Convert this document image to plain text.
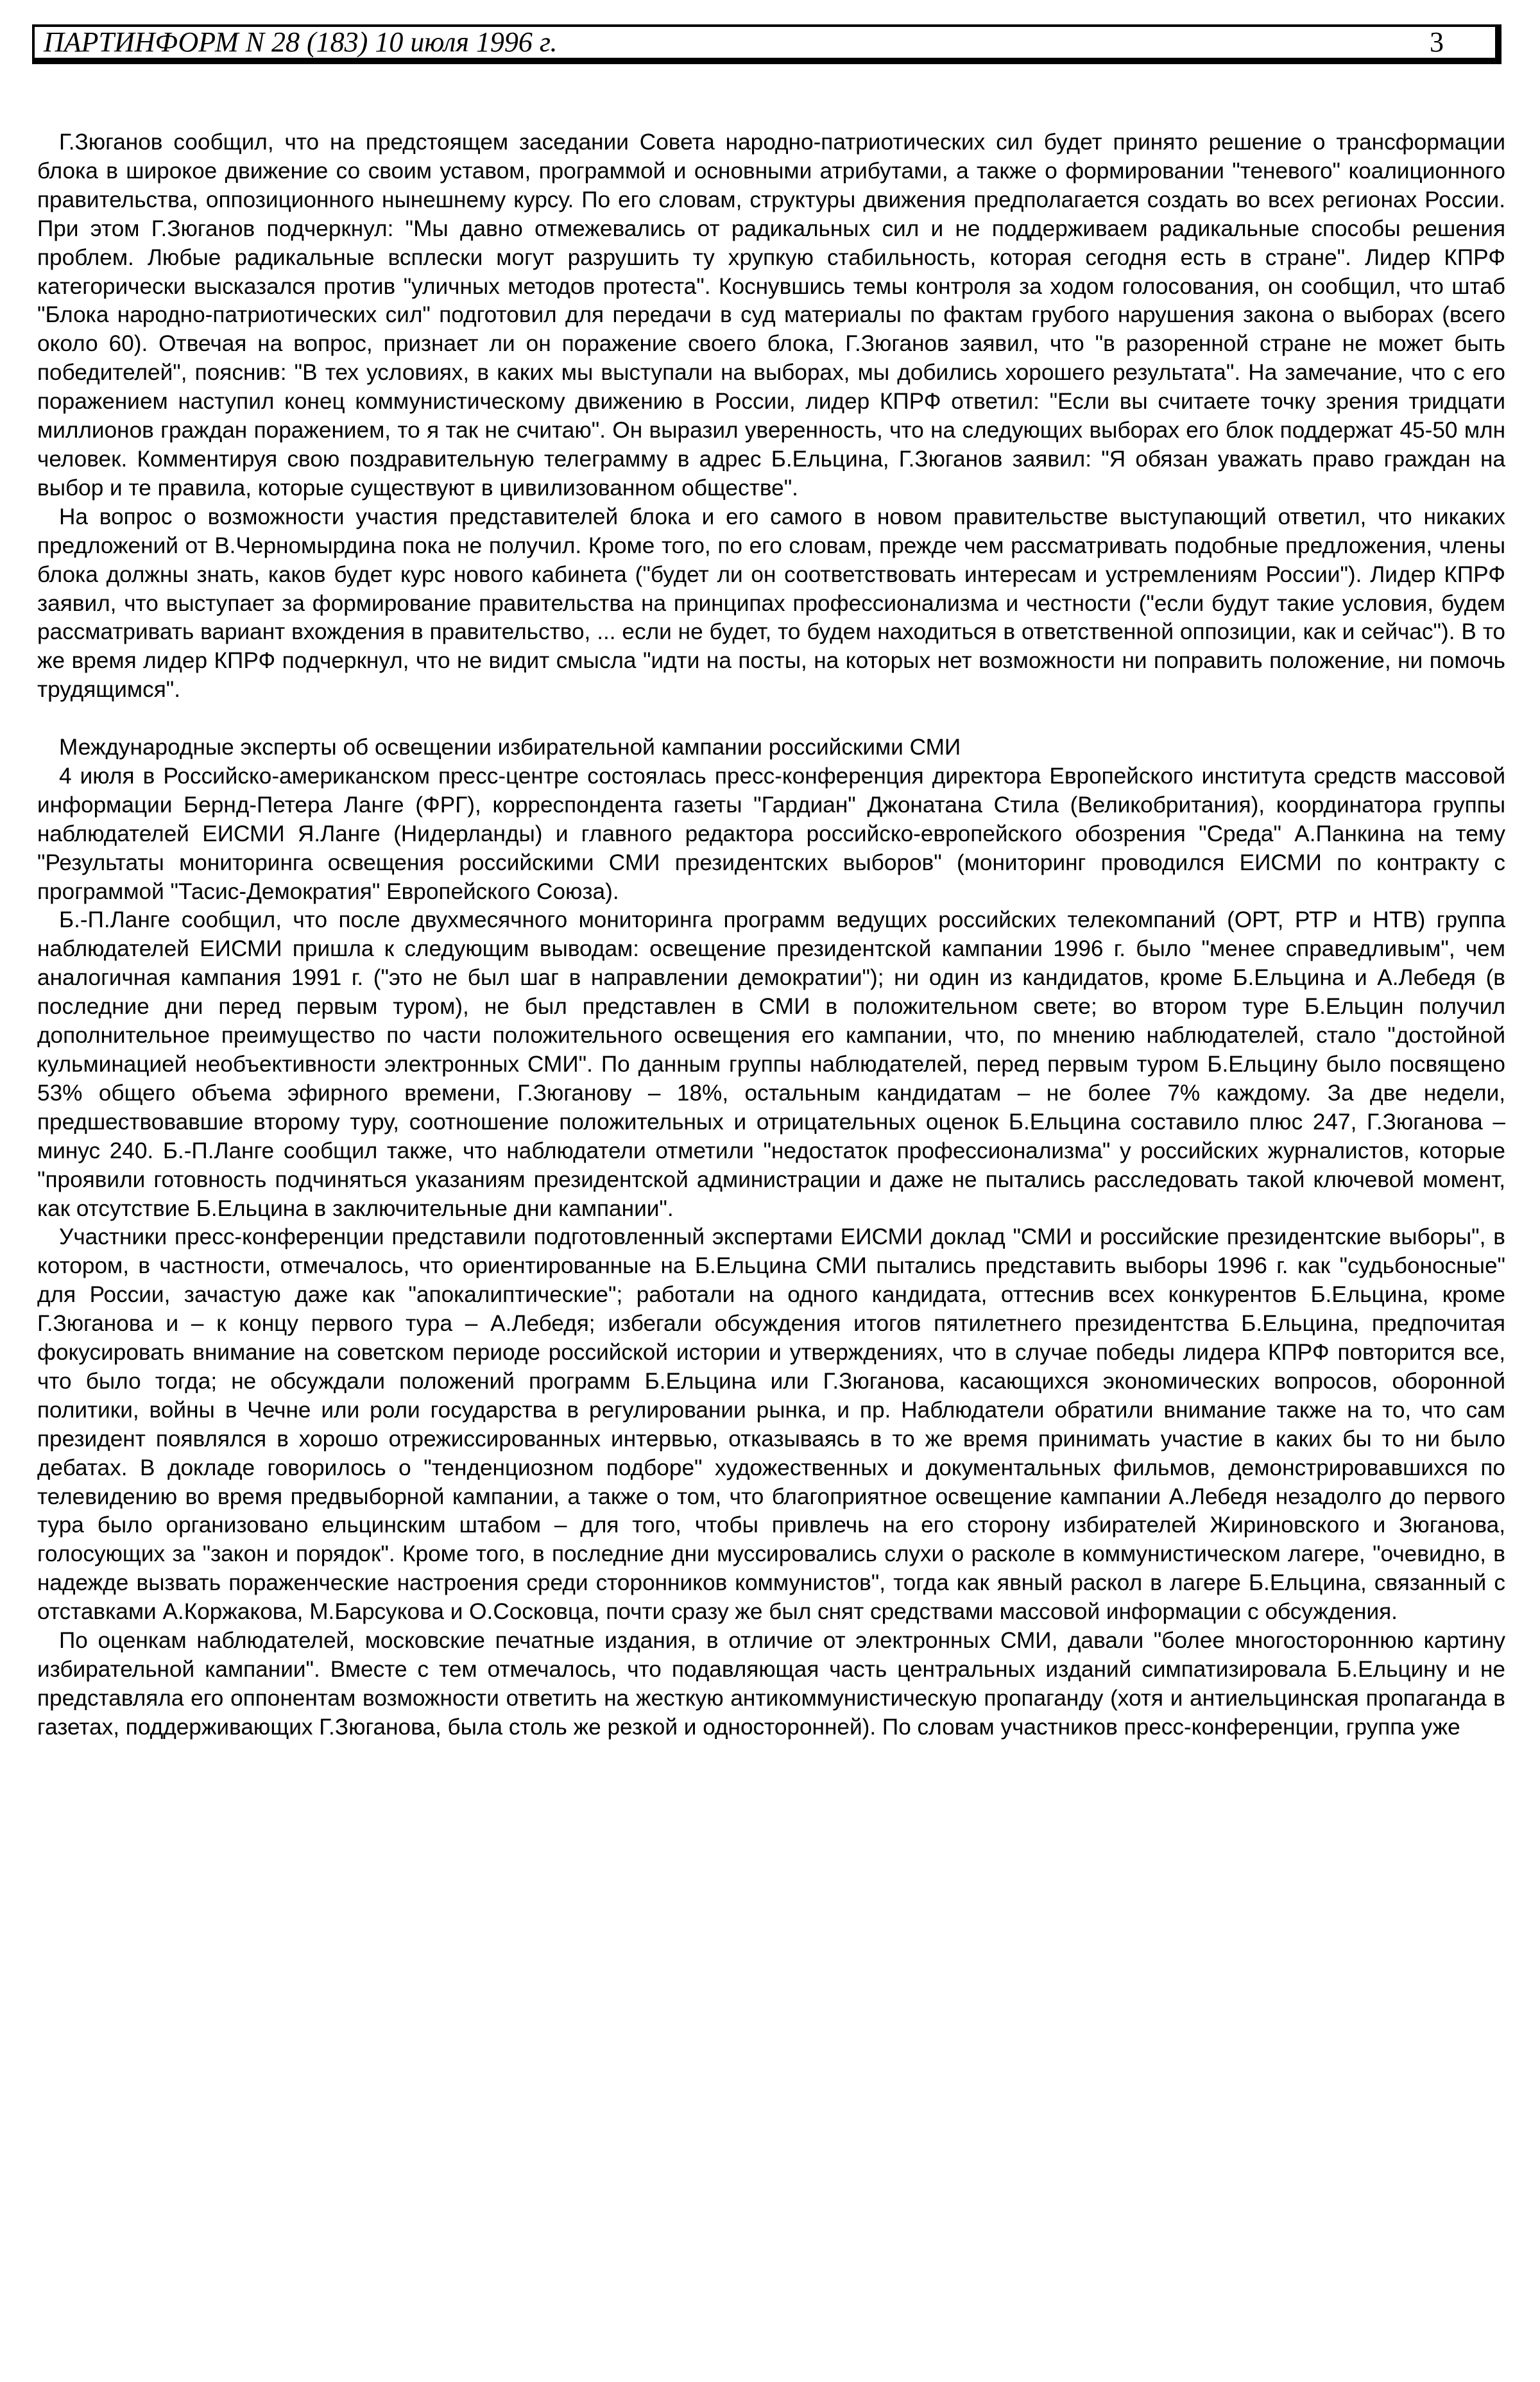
ПАРТИНФОРМ N 28 (183) 10 июля 1996 г.	3

Г.Зюганов сообщил, что на предстоящем заседании Совета народно-патриотических сил будет принято решение о трансформации блока в широкое движение со своим уставом, программой и основными атрибутами, а также о формировании "теневого" коалиционного правительства, оппозиционного нынешнему курсу. По его словам, структуры движения предполагается создать во всех регионах России. При этом Г.Зюганов подчеркнул: "Мы давно отмежевались от радикальных сил и не поддерживаем радикальные способы решения проблем. Любые радикальные всплески могут разрушить ту хрупкую стабильность, которая сегодня есть в стране". Лидер КПРФ категорически высказался против "уличных методов протеста". Коснувшись темы контроля за ходом голосования, он сообщил, что штаб "Блока народно-патриотических сил" подготовил для передачи в суд материалы по фактам грубого нарушения закона о выборах (всего около 60). Отвечая на вопрос, признает ли он поражение своего блока, Г.Зюганов заявил, что "в разоренной стране не может быть победителей", пояснив: "В тех условиях, в каких мы выступали на выборах, мы добились хорошего результата". На замечание, что с его поражением наступил конец коммунистическому движению в России, лидер КПРФ ответил: "Если вы считаете точку зрения тридцати миллионов граждан поражением, то я так не считаю". Он выразил уверенность, что на следующих выборах его блок поддержат 45-50 млн человек. Комментируя свою поздравительную телеграмму в адрес Б.Ельцина, Г.Зюганов заявил: "Я обязан уважать право граждан на выбор и те правила, которые существуют в цивилизованном обществе".

На вопрос о возможности участия представителей блока и его самого в новом правительстве выступающий ответил, что никаких предложений от В.Черномырдина пока не получил. Кроме того, по его словам, прежде чем рассматривать подобные предложения, члены блока должны знать, каков будет курс нового кабинета ("будет ли он соответствовать интересам и устремлениям России"). Лидер КПРФ заявил, что выступает за формирование правительства на принципах профессионализма и честности ("если будут такие условия, будем рассматривать вариант вхождения в правительство, ... если не будет, то будем находиться в ответственной оппозиции, как и сейчас"). В то же время лидер КПРФ подчеркнул, что не видит смысла "идти на посты, на которых нет возможности ни поправить положение, ни помочь трудящимся".

Международные эксперты об освещении избирательной кампании российскими СМИ

4 июля в Российско-американском пресс-центре состоялась пресс-конференция директора Европейского института средств массовой информации Бернд-Петера Ланге (ФРГ), корреспондента газеты "Гардиан" Джонатана Стила (Великобритания), координатора группы наблюдателей ЕИСМИ Я.Ланге (Нидерланды) и главного редактора российско-европейского обозрения "Среда" А.Панкина на тему "Результаты мониторинга освещения российскими СМИ президентских выборов" (мониторинг проводился ЕИСМИ по контракту с программой "Тасис-Демократия" Европейского Союза).

Б.-П.Ланге сообщил, что после двухмесячного мониторинга программ ведущих российских телекомпаний (ОРТ, РТР и НТВ) группа наблюдателей ЕИСМИ пришла к следующим выводам: освещение президентской кампании 1996 г. было "менее справедливым", чем аналогичная кампания 1991 г. ("это не был шаг в направлении демократии"); ни один из кандидатов, кроме Б.Ельцина и А.Лебедя (в последние дни перед первым туром), не был представлен в СМИ в положительном свете; во втором туре Б.Ельцин получил дополнительное преимущество по части положительного освещения его кампании, что, по мнению наблюдателей, стало "достойной кульминацией необъективности электронных СМИ". По данным группы наблюдателей, перед первым туром Б.Ельцину было посвящено 53% общего объема эфирного времени, Г.Зюганову – 18%, остальным кандидатам – не более 7% каждому. За две недели, предшествовавшие второму туру, соотношение положительных и отрицательных оценок Б.Ельцина составило плюс 247, Г.Зюганова – минус 240. Б.-П.Ланге сообщил также, что наблюдатели отметили "недостаток профессионализма" у российских журналистов, которые "проявили готовность подчиняться указаниям президентской администрации и даже не пытались расследовать такой ключевой момент, как отсутствие Б.Ельцина в заключительные дни кампании".

Участники пресс-конференции представили подготовленный экспертами ЕИСМИ доклад "СМИ и российские президентские выборы", в котором, в частности, отмечалось, что ориентированные на Б.Ельцина СМИ пытались представить выборы 1996 г. как "судьбоносные" для России, зачастую даже как "апокалиптические"; работали на одного кандидата, оттеснив всех конкурентов Б.Ельцина, кроме Г.Зюганова и – к концу первого тура – А.Лебедя; избегали обсуждения итогов пятилетнего президентства Б.Ельцина, предпочитая фокусировать внимание на советском периоде российской истории и утверждениях, что в случае победы лидера КПРФ повторится все, что было тогда; не обсуждали положений программ Б.Ельцина или Г.Зюганова, касающихся экономических вопросов, оборонной политики, войны в Чечне или роли государства в регулировании рынка, и пр. Наблюдатели обратили внимание также на то, что сам президент появлялся в хорошо отрежиссированных интервью, отказываясь в то же время принимать участие в каких бы то ни было дебатах. В докладе говорилось о "тенденциозном подборе" художественных и документальных фильмов, демонстрировавшихся по телевидению во время предвыборной кампании, а также о том, что благоприятное освещение кампании А.Лебедя незадолго до первого тура было организовано ельцинским штабом – для того, чтобы привлечь на его сторону избирателей Жириновского и Зюганова, голосующих за "закон и порядок". Кроме того, в последние дни муссировались слухи о расколе в коммунистическом лагере, "очевидно, в надежде вызвать пораженческие настроения среди сторонников коммунистов", тогда как явный раскол в лагере Б.Ельцина, связанный с отставками А.Коржакова, М.Барсукова и О.Сосковца, почти сразу же был снят средствами массовой информации с обсуждения.

По оценкам наблюдателей, московские печатные издания, в отличие от электронных СМИ, давали "более многостороннюю картину избирательной кампании". Вместе с тем отмечалось, что подавляющая часть центральных изданий симпатизировала Б.Ельцину и не представляла его оппонентам возможности ответить на жесткую антикоммунистическую пропаганду (хотя и антиельцинская пропаганда в газетах, поддерживающих Г.Зюганова, была столь же резкой и односторонней). По словам участников пресс-конференции, группа уже
